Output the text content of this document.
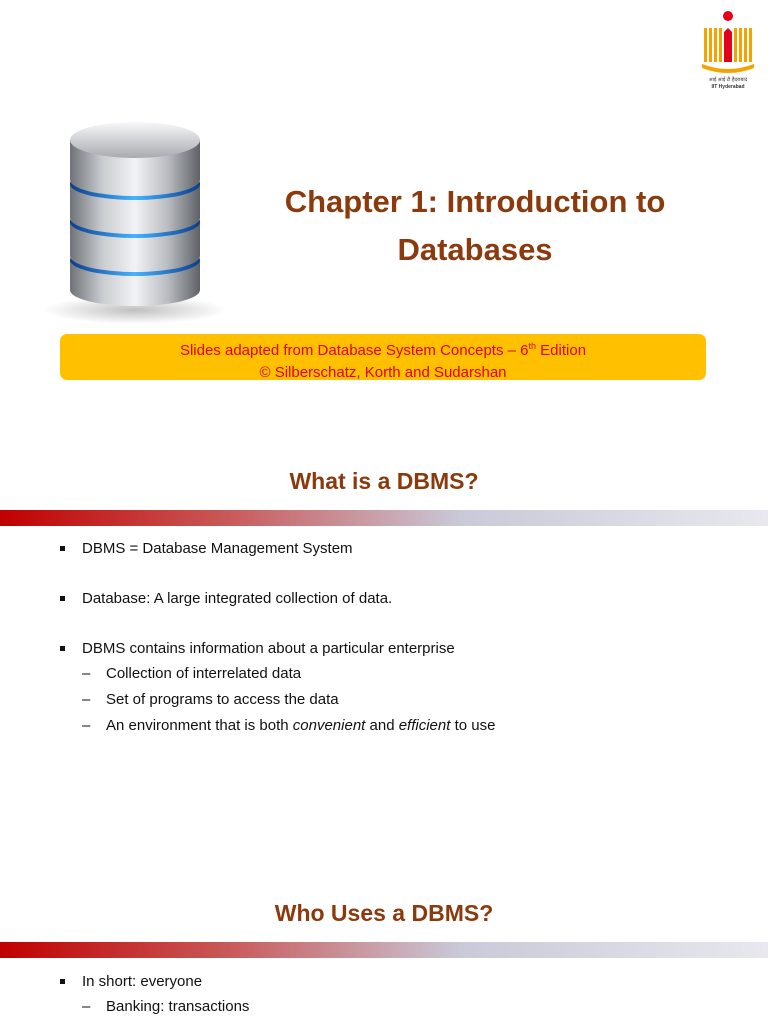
आई आई टी हैदराबाद
IIT Hyderabad
Chapter 1: Introduction to
Databases

Slides adapted from Database System Concepts – 6th Edition

© Silberschatz, Korth and Sudarshan

What is a DBMS?
DBMS = Database Management System
Database: A large integrated collection of data.
DBMS contains information about a particular enterprise
– Collection of interrelated data
– Set of programs to access the data
– An environment that is both convenient and efficient to use
Who Uses a DBMS?
In short: everyone
– Banking: transactions
